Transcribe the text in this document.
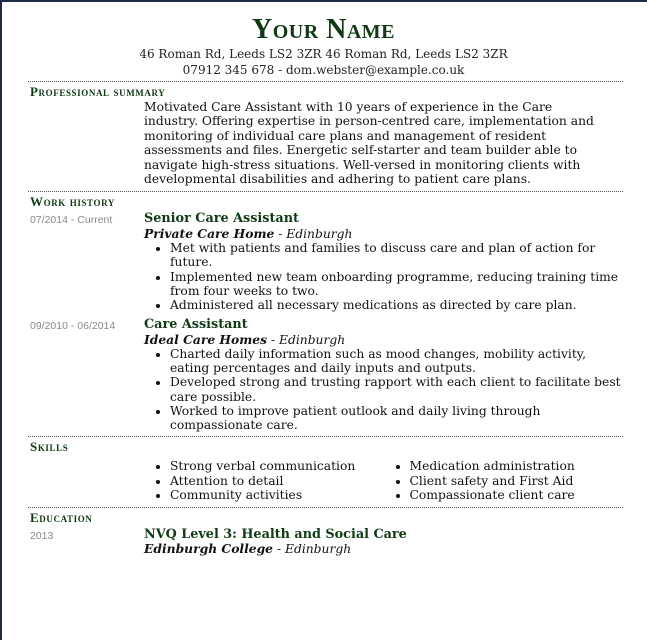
Your Name
46 Roman Rd, Leeds LS2 3ZR 46 Roman Rd, Leeds LS2 3ZR
07912 345 678 - dom.webster@example.co.uk
Professional summary
Motivated Care Assistant with 10 years of experience in the Care industry. Offering expertise in person-centred care, implementation and monitoring of individual care plans and management of resident assessments and files. Energetic self-starter and team builder able to navigate high-stress situations. Well-versed in monitoring clients with developmental disabilities and adhering to patient care plans.
Work history
07/2014 - Current	Senior Care Assistant
Private Care Home - Edinburgh
• Met with patients and families to discuss care and plan of action for future.
• Implemented new team onboarding programme, reducing training time from four weeks to two.
• Administered all necessary medications as directed by care plan.
09/2010 - 06/2014	Care Assistant
Ideal Care Homes - Edinburgh
• Charted daily information such as mood changes, mobility activity, eating percentages and daily inputs and outputs.
• Developed strong and trusting rapport with each client to facilitate best care possible.
• Worked to improve patient outlook and daily living through compassionate care.
Skills
• Strong verbal communication
• Attention to detail
• Community activities
• Medication administration
• Client safety and First Aid
• Compassionate client care
Education
2013	NVQ Level 3: Health and Social Care
Edinburgh College - Edinburgh
